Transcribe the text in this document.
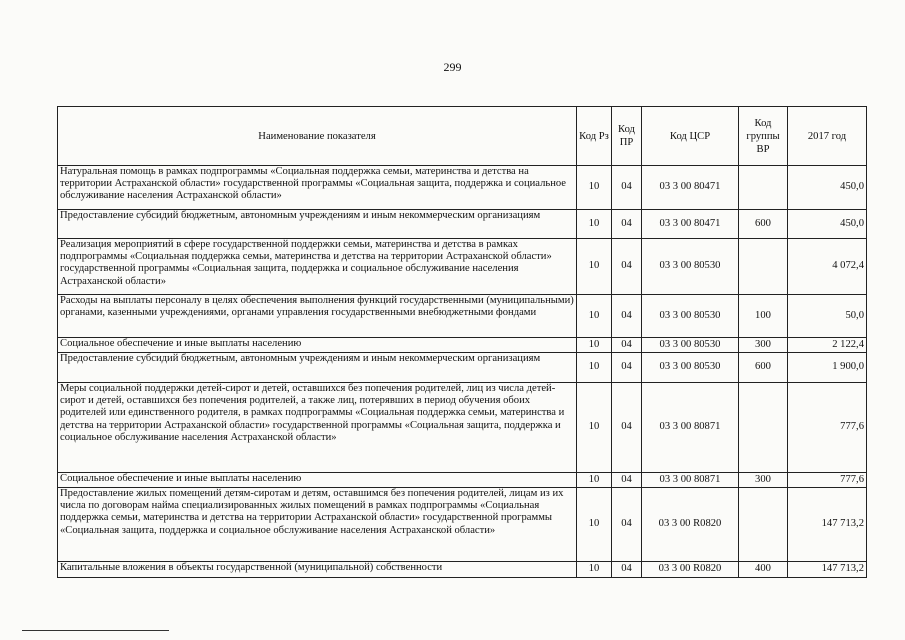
299
Наименование показателя	Код Рз	Код ПР	Код ЦСР	Код группы ВР	2017 год
Натуральная помощь в рамках подпрограммы «Социальная поддержка семьи, материнства и детства на территории Астраханской области» государственной программы «Социальная защита, поддержка и социальное обслуживание населения Астраханской области»	10	04	03 3 00 80471		450,0
Предоставление субсидий бюджетным, автономным учреждениям и иным некоммерческим организациям	10	04	03 3 00 80471	600	450,0
Реализация мероприятий в сфере государственной поддержки семьи, материнства и детства в рамках подпрограммы «Социальная поддержка семьи, материнства и детства на территории Астраханской области» государственной программы «Социальная защита, поддержка и социальное обслуживание населения Астраханской области»	10	04	03 3 00 80530		4 072,4
Расходы на выплаты персоналу в целях обеспечения выполнения функций государственными (муниципальными) органами, казенными учреждениями, органами управления государственными внебюджетными фондами	10	04	03 3 00 80530	100	50,0
Социальное обеспечение и иные выплаты населению	10	04	03 3 00 80530	300	2 122,4
Предоставление субсидий бюджетным, автономным учреждениям и иным некоммерческим организациям	10	04	03 3 00 80530	600	1 900,0
Меры социальной поддержки детей-сирот и детей, оставшихся без попечения родителей, лиц из числа детей-сирот и детей, оставшихся без попечения родителей, а также лиц, потерявших в период обучения обоих родителей или единственного родителя, в рамках подпрограммы «Социальная поддержка семьи, материнства и детства на территории Астраханской области» государственной программы «Социальная защита, поддержка и социальное обслуживание населения Астраханской области»	10	04	03 3 00 80871		777,6
Социальное обеспечение и иные выплаты населению	10	04	03 3 00 80871	300	777,6
Предоставление жилых помещений детям-сиротам и детям, оставшимся без попечения родителей, лицам из их числа по договорам найма специализированных жилых помещений в рамках подпрограммы «Социальная поддержка семьи, материнства и детства на территории Астраханской области» государственной программы «Социальная защита, поддержка и социальное обслуживание населения Астраханской области»	10	04	03 3 00 R0820		147 713,2
Капитальные вложения в объекты государственной (муниципальной) собственности	10	04	03 3 00 R0820	400	147 713,2
